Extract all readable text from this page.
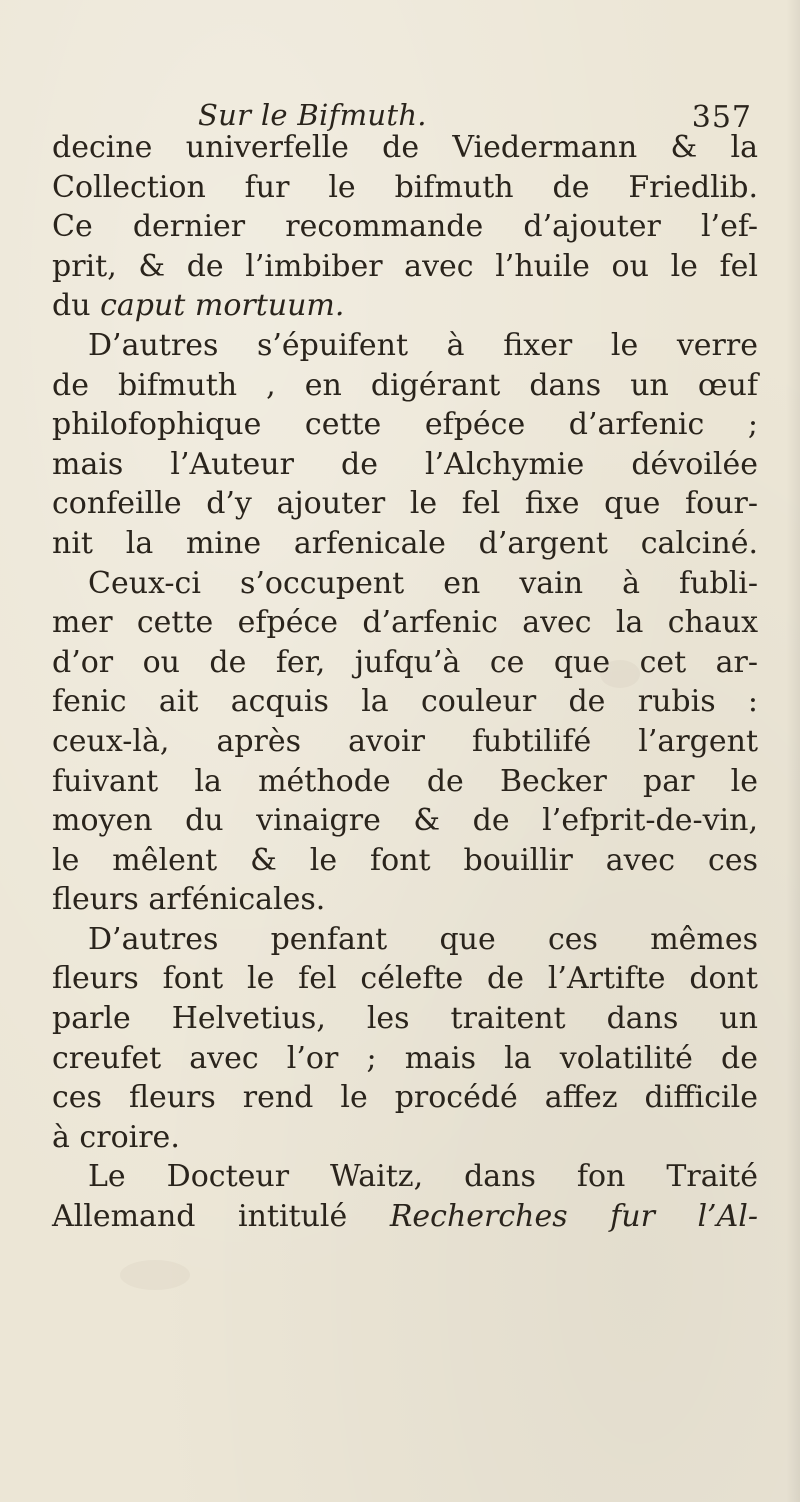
Sur le Bifmuth.	357
decine univerfelle de Viedermann & la
Collection fur le bifmuth de Friedlib.
Ce dernier recommande d’ajouter l’ef-
prit, & de l’imbiber avec l’huile ou le fel
du caput mortuum.
D’autres s’épuifent à fixer le verre
de bifmuth , en digérant dans un œuf
philofophique cette efpéce d’arfenic ;
mais l’Auteur de l’Alchymie dévoilée
confeille d’y ajouter le fel fixe que four-
nit la mine arfenicale d’argent calciné.
Ceux-ci s’occupent en vain à fubli-
mer cette efpéce d’arfenic avec la chaux
d’or ou de fer, jufqu’à ce que cet ar-
fenic ait acquis la couleur de rubis :
ceux-là, après avoir fubtilifé l’argent
fuivant la méthode de Becker par le
moyen du vinaigre & de l’efprit-de-vin,
le mêlent & le font bouillir avec ces
fleurs arfénicales.
D’autres penfant que ces mêmes
fleurs font le fel célefte de l’Artifte dont
parle Helvetius, les traitent dans un
creufet avec l’or ; mais la volatilité de
ces fleurs rend le procédé affez difficile
à croire.
Le Docteur Waitz, dans fon Traité
Allemand intitulé Recherches fur l’Al-
